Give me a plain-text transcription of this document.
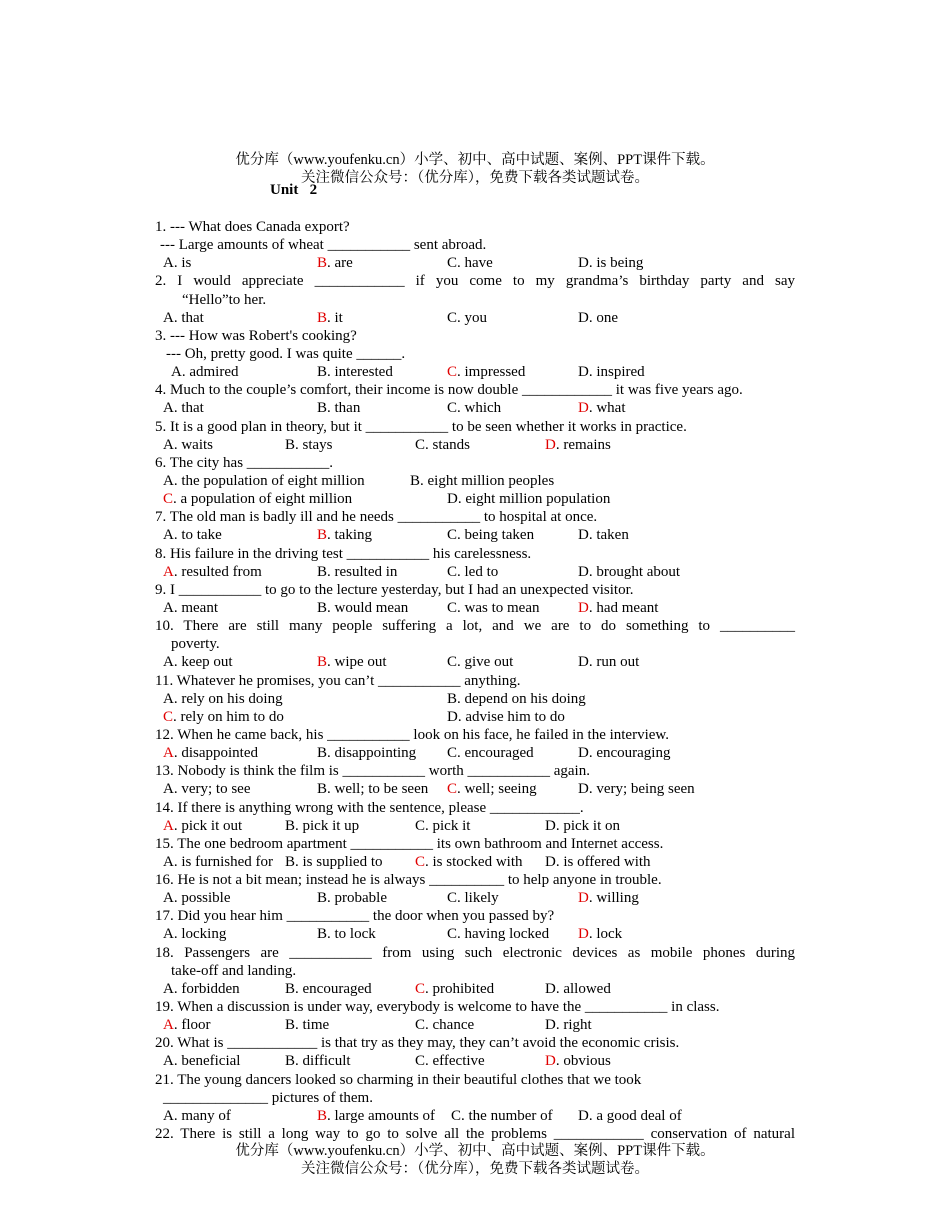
优分库（www.youfenku.cn）小学、初中、高中试题、案例、PPT课件下载。
关注微信公众号：（优分库），免费下载各类试题试卷。
Unit   2
1. --- What does Canada export?
--- Large amounts of wheat ___________ sent abroad.
A. is	B. are	C. have	D. is being
2. I would appreciate ____________ if you come to my grandma’s birthday party and say
“Hello”to her.
A. that	B. it	C. you	D. one
3. --- How was Robert's cooking?
--- Oh, pretty good. I was quite ______.
A. admired	B. interested	C. impressed	D. inspired
4. Much to the couple’s comfort, their income is now double ____________ it was five years ago.
A. that	B. than	C. which	D. what
5. It is a good plan in theory, but it ___________ to be seen whether it works in practice.
A. waits	B. stays	C. stands	D. remains
6. The city has ___________.
A. the population of eight million	B. eight million peoples
C. a population of eight million	D. eight million population
7. The old man is badly ill and he needs ___________ to hospital at once.
A. to take	B. taking	C. being taken	D. taken
8. His failure in the driving test ___________ his carelessness.
A. resulted from	B. resulted in	C. led to	D. brought about
9. I ___________ to go to the lecture yesterday, but I had an unexpected visitor.
A. meant	B. would mean	C. was to mean	D. had meant
10. There are still many people suffering a lot, and we are to do something to __________
poverty.
A. keep out	B. wipe out	C. give out	D. run out
11. Whatever he promises, you can’t ___________ anything.
A. rely on his doing	B. depend on his doing
C. rely on him to do	D. advise him to do
12. When he came back, his ___________ look on his face, he failed in the interview.
A. disappointed	B. disappointing C. encouraged	D. encouraging
13. Nobody is think the film is ___________ worth ___________ again.
A. very; to see	B. well; to be seen C. well; seeing	D. very; being seen
14. If there is anything wrong with the sentence, please ____________.
A. pick it out	B. pick it up	C. pick it	D. pick it on
15. The one bedroom apartment ___________ its own bathroom and Internet access.
A. is furnished for B. is supplied to C. is stocked with D. is offered with
16. He is not a bit mean; instead he is always __________ to help anyone in trouble.
A. possible	B. probable	C. likely	D. willing
17. Did you hear him ___________ the door when you passed by?
A. locking	B. to lock	C. having locked D. lock
18. Passengers are ___________ from using such electronic devices as mobile phones during
take-off and landing.
A. forbidden	B. encouraged	C. prohibited	D. allowed
19. When a discussion is under way, everybody is welcome to have the ___________ in class.
A. floor	B. time	C. chance	D. right
20. What is ____________ is that try as they may, they can’t avoid the economic crisis.
A. beneficial	B. difficult	C. effective	D. obvious
21. The young dancers looked so charming in their beautiful clothes that we took
______________ pictures of them.
A. many of	B. large amounts of C. the number of D. a good deal of
22. There is still a long way to go to solve all the problems ____________ conservation of natural
优分库（www.youfenku.cn）小学、初中、高中试题、案例、PPT课件下载。
关注微信公众号：（优分库），免费下载各类试题试卷。
